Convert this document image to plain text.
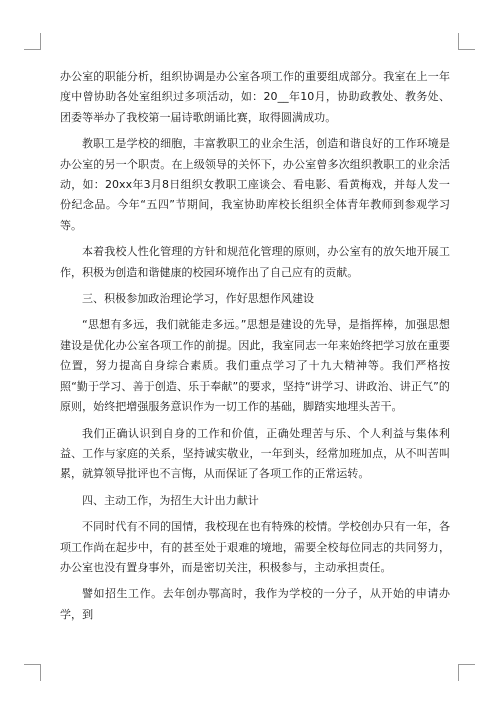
办公室的职能分析，组织协调是办公室各项工作的重要组成部分。我室在上一年度中曾协助各处室组织过多项活动，如：20__年10月，协助政教处、教务处、团委等举办了我校第一届诗歌朗诵比赛，取得圆满成功。

教职工是学校的细胞，丰富教职工的业余生活，创造和谐良好的工作环境是办公室的另一个职责。在上级领导的关怀下，办公室曾多次组织教职工的业余活动，如：20xx年3月8日组织女教职工座谈会、看电影、看黄梅戏，并每人发一份纪念品。今年“五四”节期间，我室协助库校长组织全体青年教师到参观学习等。

本着我校人性化管理的方针和规范化管理的原则，办公室有的放矢地开展工作，积极为创造和谐健康的校园环境作出了自己应有的贡献。

三、积极参加政治理论学习，作好思想作风建设

“思想有多远，我们就能走多远。”思想是建设的先导，是指挥棒，加强思想建设是优化办公室各项工作的前提。因此，我室同志一年来始终把学习放在重要位置，努力提高自身综合素质。我们重点学习了十九大精神等。我们严格按照“勤于学习、善于创造、乐于奉献”的要求，坚持“讲学习、讲政治、讲正气”的原则，始终把增强服务意识作为一切工作的基础，脚踏实地埋头苦干。

我们正确认识到自身的工作和价值，正确处理苦与乐、个人利益与集体利益、工作与家庭的关系，坚持诚实敬业，一年到头，经常加班加点，从不叫苦叫累，就算领导批评也不言悔，从而保证了各项工作的正常运转。

四、主动工作，为招生大计出力献计

不同时代有不同的国情，我校现在也有特殊的校情。学校创办只有一年，各项工作尚在起步中，有的甚至处于艰难的境地，需要全校每位同志的共同努力，办公室也没有置身事外，而是密切关注，积极参与，主动承担责任。

譬如招生工作。去年创办鄂高时，我作为学校的一分子，从开始的申请办学，到
